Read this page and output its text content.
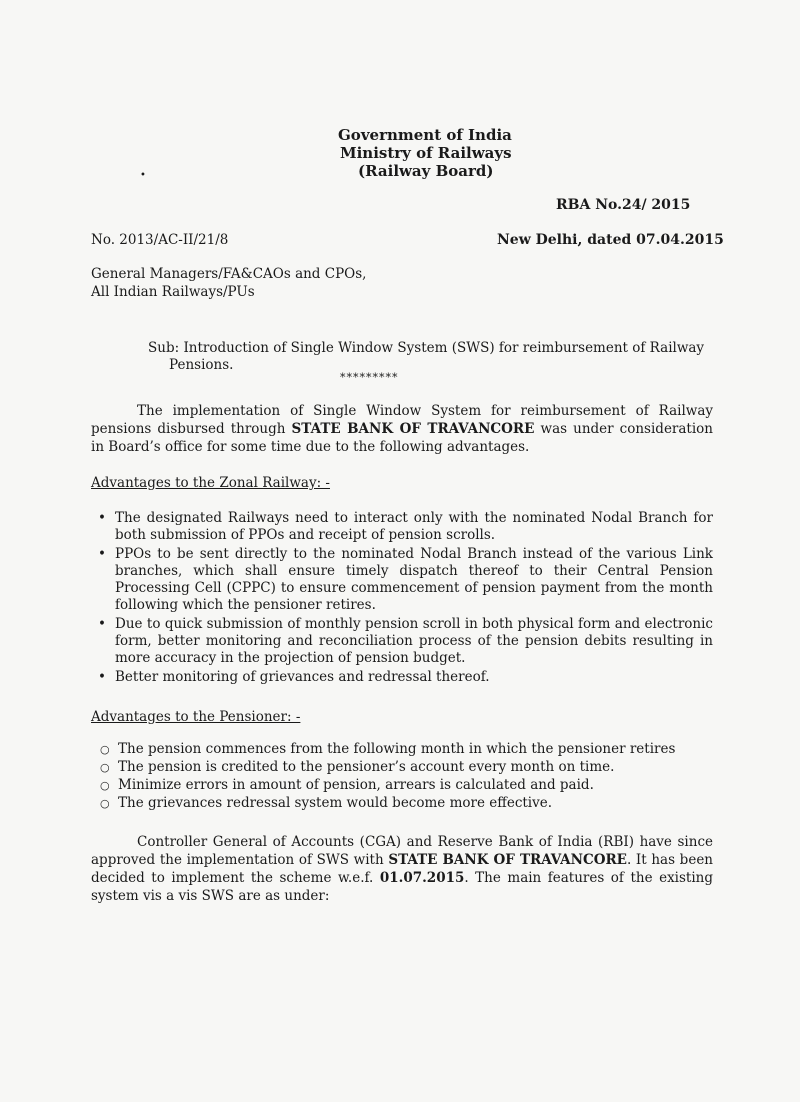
•
Government of India
Ministry of Railways
(Railway Board)
RBA No.24/ 2015
No. 2013/AC-II/21/8	New Delhi, dated 07.04.2015
General Managers/FA&CAOs and CPOs,
All Indian Railways/PUs
Sub: Introduction of Single Window System (SWS) for reimbursement of Railway
Pensions.
*********
The implementation of Single Window System for reimbursement of Railway pensions disbursed through STATE BANK OF TRAVANCORE was under consideration in Board’s office for some time due to the following advantages.
Advantages to the Zonal Railway: -
• The designated Railways need to interact only with the nominated Nodal Branch for both submission of PPOs and receipt of pension scrolls.
• PPOs to be sent directly to the nominated Nodal Branch instead of the various Link branches, which shall ensure timely dispatch thereof to their Central Pension Processing Cell (CPPC) to ensure commencement of pension payment from the month following which the pensioner retires.
• Due to quick submission of monthly pension scroll in both physical form and electronic form, better monitoring and reconciliation process of the pension debits resulting in more accuracy in the projection of pension budget.
• Better monitoring of grievances and redressal thereof.
Advantages to the Pensioner: -
○ The pension commences from the following month in which the pensioner retires
○ The pension is credited to the pensioner’s account every month on time.
○ Minimize errors in amount of pension, arrears is calculated and paid.
○ The grievances redressal system would become more effective.
Controller General of Accounts (CGA) and Reserve Bank of India (RBI) have since approved the implementation of SWS with STATE BANK OF TRAVANCORE. It has been decided to implement the scheme w.e.f. 01.07.2015. The main features of the existing system vis a vis SWS are as under:
